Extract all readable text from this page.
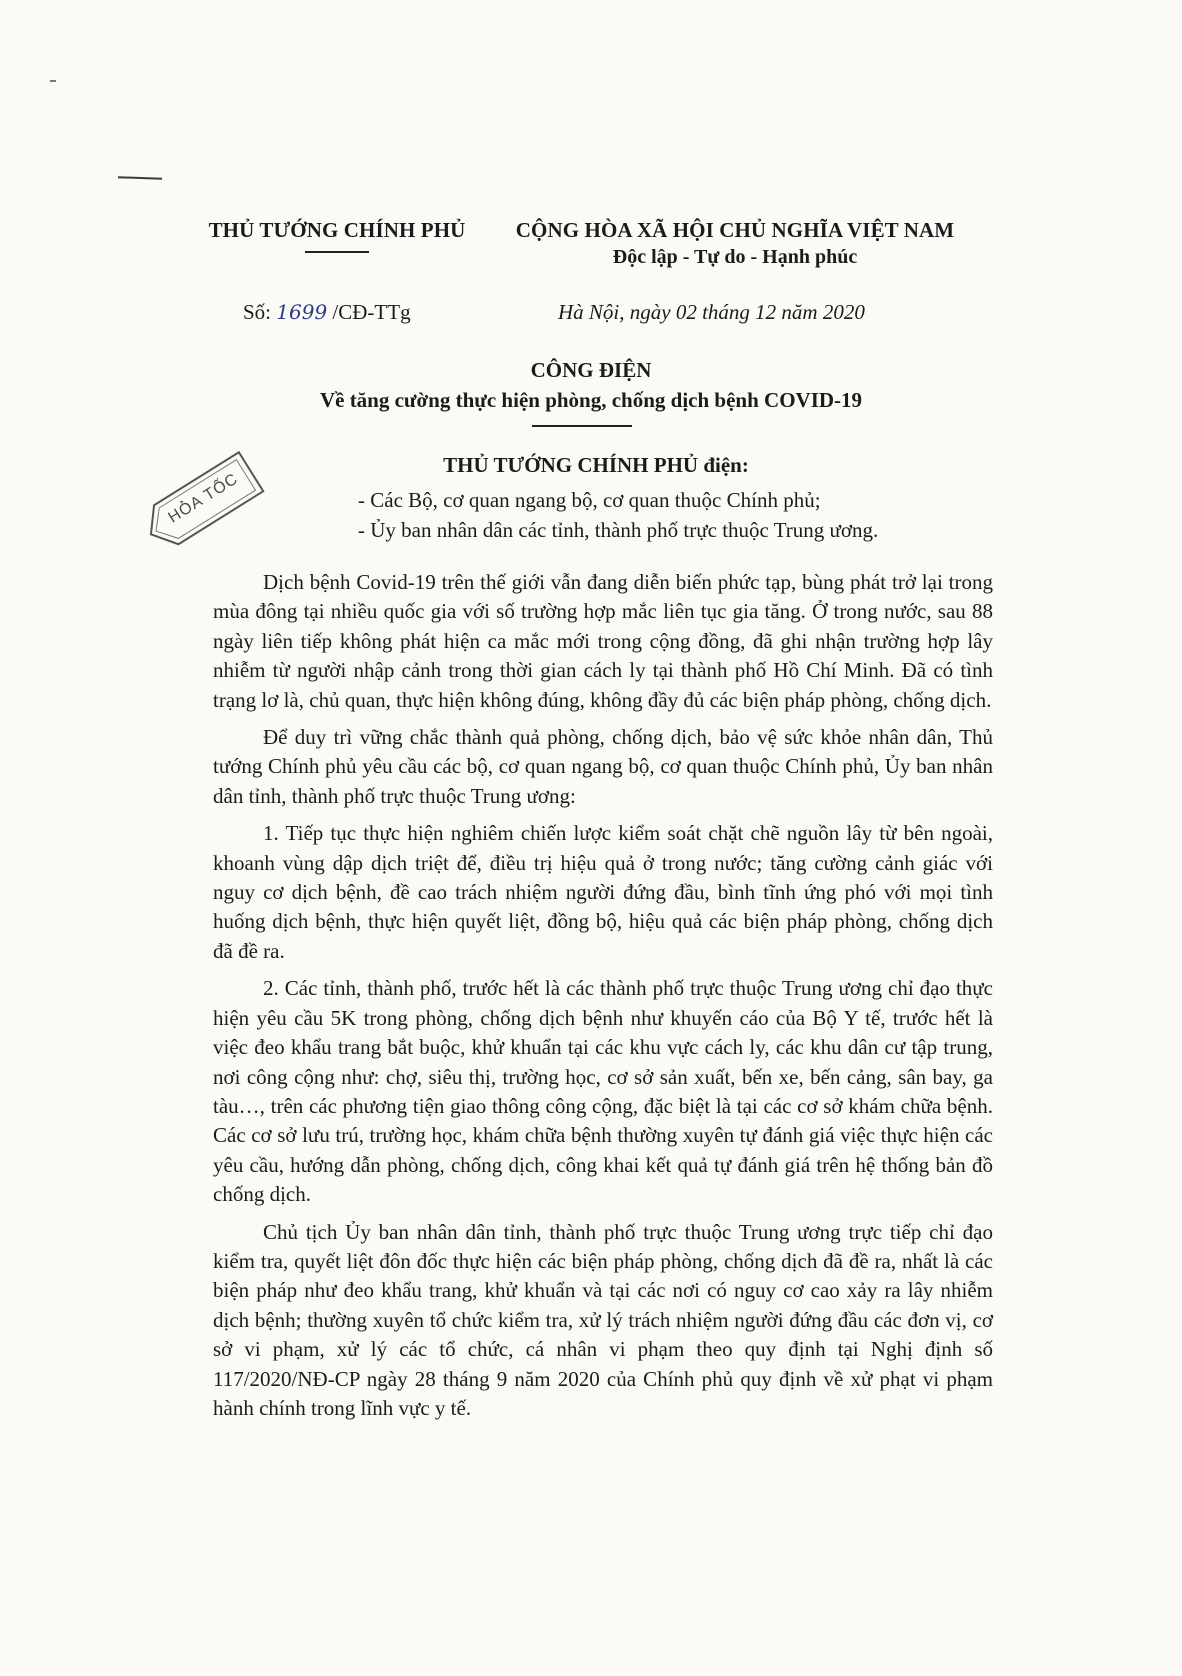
THỦ TƯỚNG CHÍNH PHỦ	CỘNG HÒA XÃ HỘI CHỦ NGHĨA VIỆT NAM
Độc lập - Tự do - Hạnh phúc
Số: 1699 /CĐ-TTg	Hà Nội, ngày 02 tháng 12 năm 2020
CÔNG ĐIỆN
Về tăng cường thực hiện phòng, chống dịch bệnh COVID-19
HỎA TỐC
THỦ TƯỚNG CHÍNH PHỦ điện:
- Các Bộ, cơ quan ngang bộ, cơ quan thuộc Chính phủ;
- Ủy ban nhân dân các tỉnh, thành phố trực thuộc Trung ương.

Dịch bệnh Covid-19 trên thế giới vẫn đang diễn biến phức tạp, bùng phát trở lại trong mùa đông tại nhiều quốc gia với số trường hợp mắc liên tục gia tăng. Ở trong nước, sau 88 ngày liên tiếp không phát hiện ca mắc mới trong cộng đồng, đã ghi nhận trường hợp lây nhiễm từ người nhập cảnh trong thời gian cách ly tại thành phố Hồ Chí Minh. Đã có tình trạng lơ là, chủ quan, thực hiện không đúng, không đầy đủ các biện pháp phòng, chống dịch.

Để duy trì vững chắc thành quả phòng, chống dịch, bảo vệ sức khỏe nhân dân, Thủ tướng Chính phủ yêu cầu các bộ, cơ quan ngang bộ, cơ quan thuộc Chính phủ, Ủy ban nhân dân tỉnh, thành phố trực thuộc Trung ương:

1. Tiếp tục thực hiện nghiêm chiến lược kiểm soát chặt chẽ nguồn lây từ bên ngoài, khoanh vùng dập dịch triệt để, điều trị hiệu quả ở trong nước; tăng cường cảnh giác với nguy cơ dịch bệnh, đề cao trách nhiệm người đứng đầu, bình tĩnh ứng phó với mọi tình huống dịch bệnh, thực hiện quyết liệt, đồng bộ, hiệu quả các biện pháp phòng, chống dịch đã đề ra.

2. Các tỉnh, thành phố, trước hết là các thành phố trực thuộc Trung ương chỉ đạo thực hiện yêu cầu 5K trong phòng, chống dịch bệnh như khuyến cáo của Bộ Y tế, trước hết là việc đeo khẩu trang bắt buộc, khử khuẩn tại các khu vực cách ly, các khu dân cư tập trung, nơi công cộng như: chợ, siêu thị, trường học, cơ sở sản xuất, bến xe, bến cảng, sân bay, ga tàu…, trên các phương tiện giao thông công cộng, đặc biệt là tại các cơ sở khám chữa bệnh. Các cơ sở lưu trú, trường học, khám chữa bệnh thường xuyên tự đánh giá việc thực hiện các yêu cầu, hướng dẫn phòng, chống dịch, công khai kết quả tự đánh giá trên hệ thống bản đồ chống dịch.

Chủ tịch Ủy ban nhân dân tỉnh, thành phố trực thuộc Trung ương trực tiếp chỉ đạo kiểm tra, quyết liệt đôn đốc thực hiện các biện pháp phòng, chống dịch đã đề ra, nhất là các biện pháp như đeo khẩu trang, khử khuẩn và tại các nơi có nguy cơ cao xảy ra lây nhiễm dịch bệnh; thường xuyên tổ chức kiểm tra, xử lý trách nhiệm người đứng đầu các đơn vị, cơ sở vi phạm, xử lý các tổ chức, cá nhân vi phạm theo quy định tại Nghị định số 117/2020/NĐ-CP ngày 28 tháng 9 năm 2020 của Chính phủ quy định về xử phạt vi phạm hành chính trong lĩnh vực y tế.
